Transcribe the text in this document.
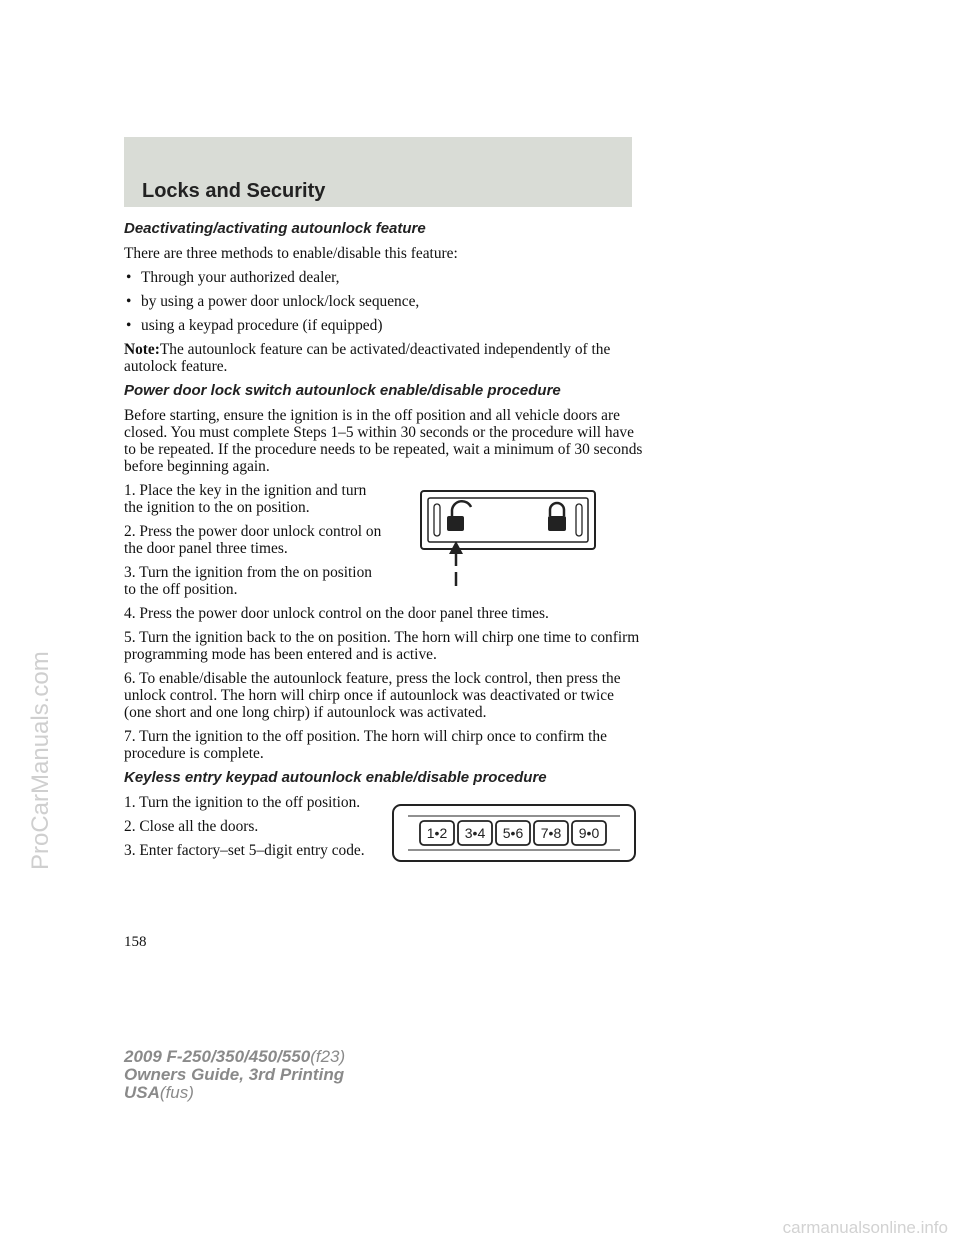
Locks and Security
Deactivating/activating autounlock feature

There are three methods to enable/disable this feature:

• Through your authorized dealer,
• by using a power door unlock/lock sequence,
• using a keypad procedure (if equipped)

Note:The autounlock feature can be activated/deactivated independently of the autolock feature.

Power door lock switch autounlock enable/disable procedure

Before starting, ensure the ignition is in the off position and all vehicle doors are closed. You must complete Steps 1–5 within 30 seconds or the procedure will have to be repeated. If the procedure needs to be repeated, wait a minimum of 30 seconds before beginning again.

1. Place the key in the ignition and turn the ignition to the on position.

2. Press the power door unlock control on the door panel three times.

3. Turn the ignition from the on position to the off position.

4. Press the power door unlock control on the door panel three times.

5. Turn the ignition back to the on position. The horn will chirp one time to confirm programming mode has been entered and is active.

6. To enable/disable the autounlock feature, press the lock control, then press the unlock control. The horn will chirp once if autounlock was deactivated or twice (one short and one long chirp) if autounlock was activated.

7. Turn the ignition to the off position. The horn will chirp once to confirm the procedure is complete.

Keyless entry keypad autounlock enable/disable procedure

1. Turn the ignition to the off position.

2. Close all the doors.

3. Enter factory–set 5–digit entry code.

1•2 3•4 5•6 7•8 9•0
158
2009 F-250/350/450/550(f23)
Owners Guide, 3rd Printing
USA(fus)
ProCarManuals.com
carmanualsonline.info
